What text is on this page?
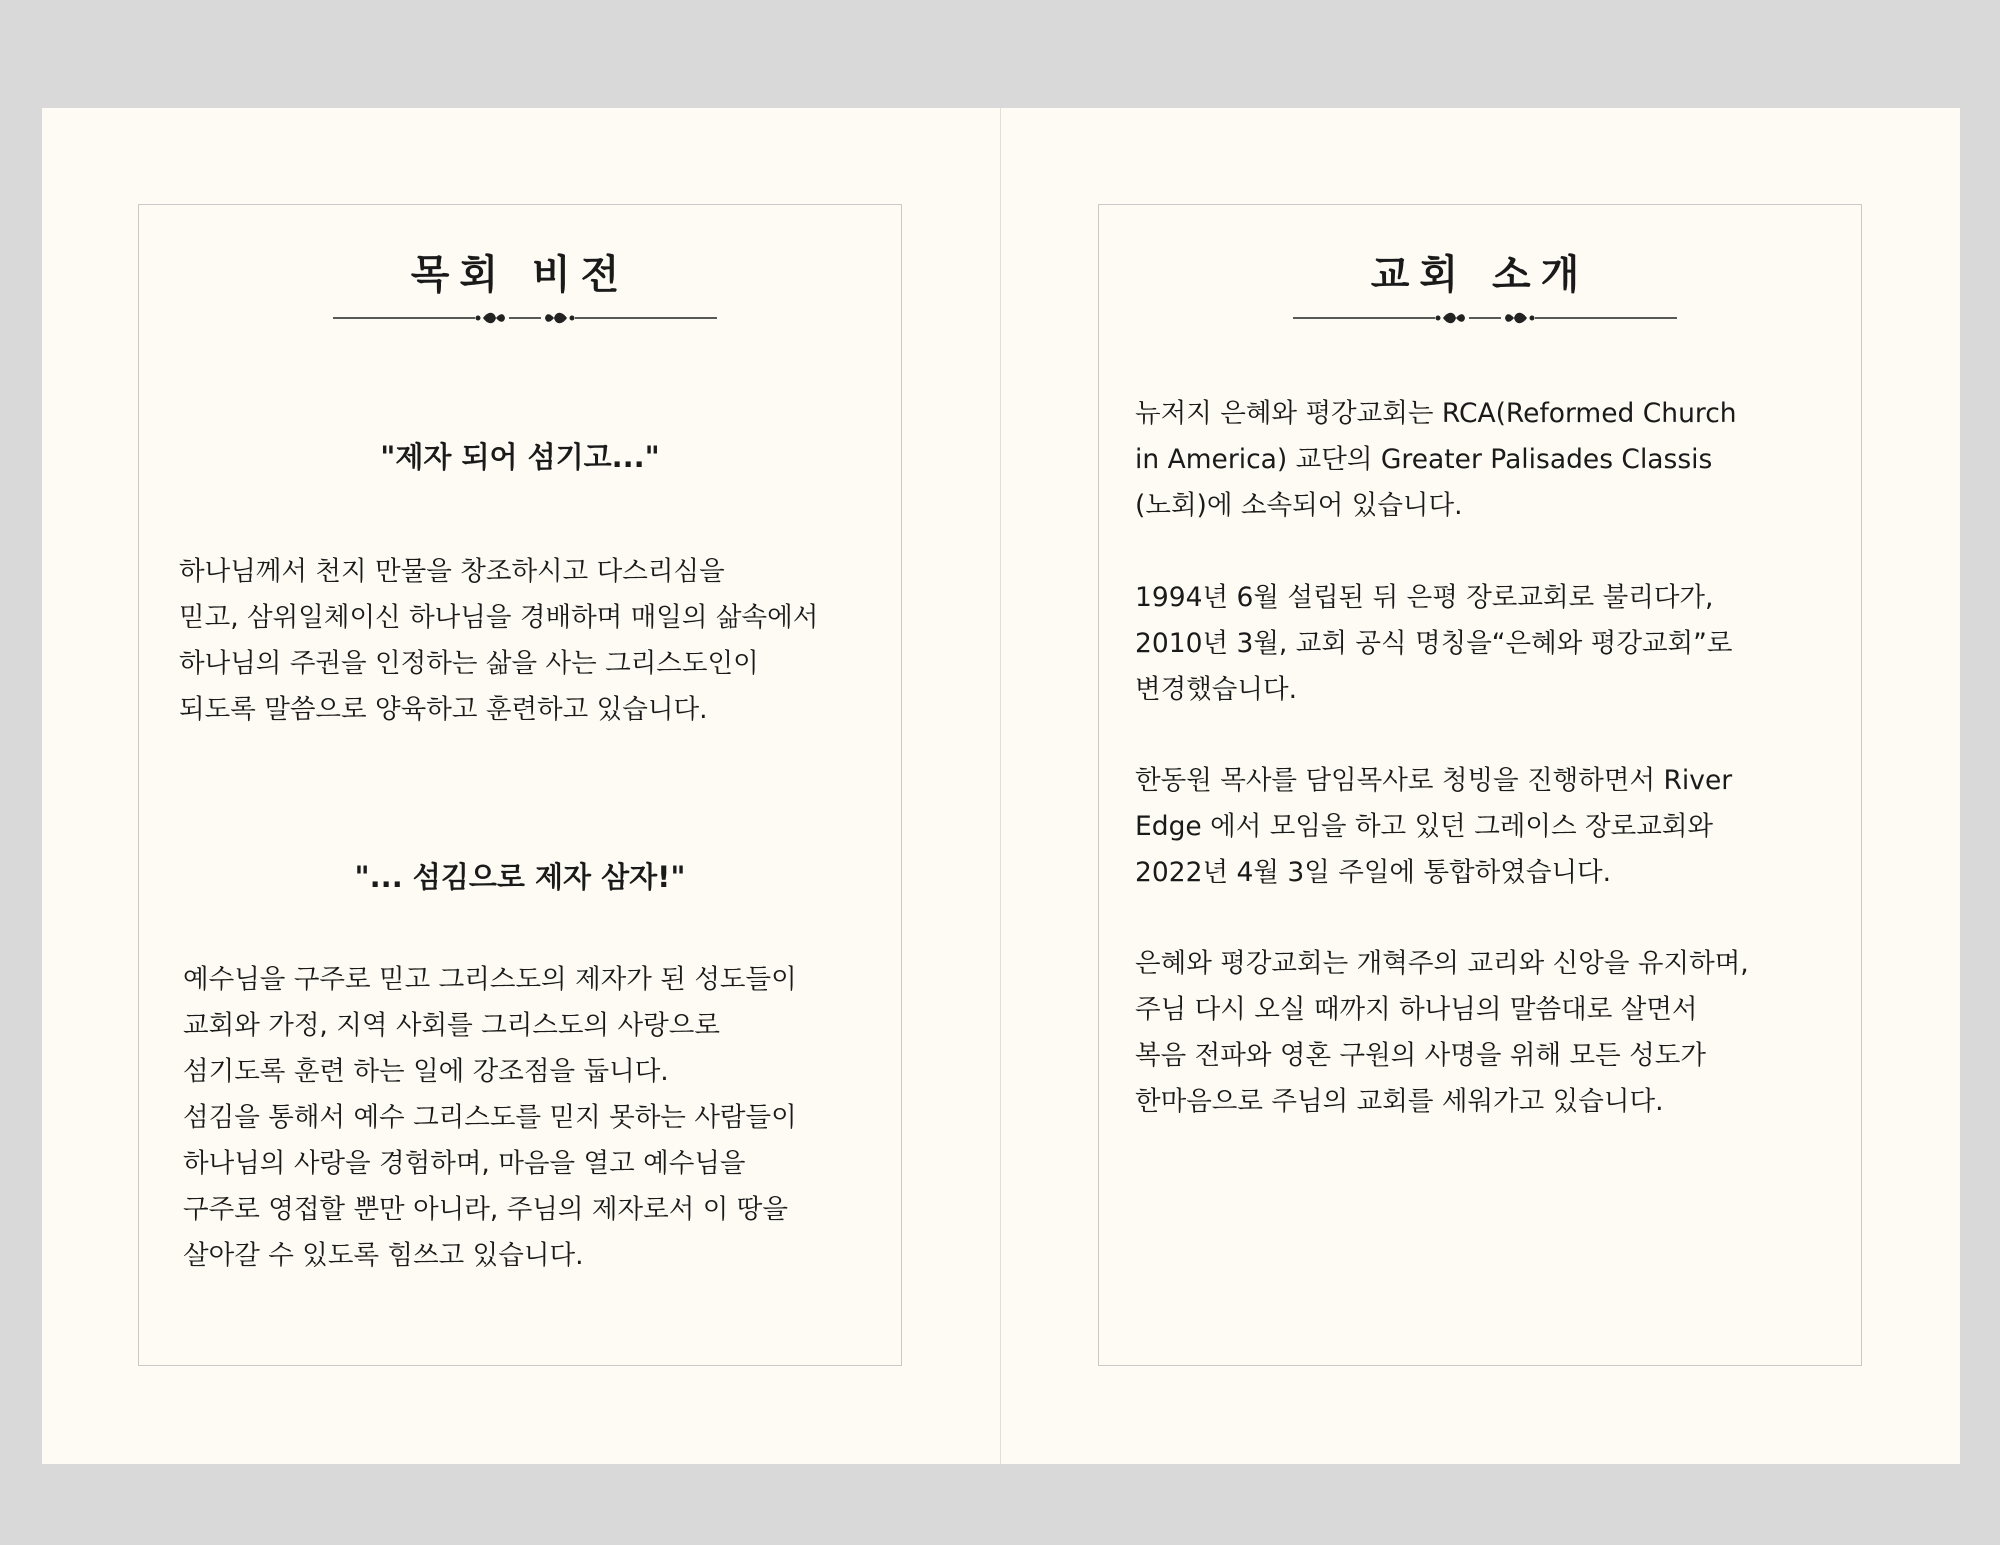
목회 비전
"제자 되어 섬기고..."

하나님께서 천지 만물을 창조하시고 다스리심을
믿고, 삼위일체이신 하나님을 경배하며 매일의 삶속에서
하나님의 주권을 인정하는 삶을 사는 그리스도인이
되도록 말씀으로 양육하고 훈련하고 있습니다.

"... 섬김으로 제자 삼자!"

예수님을 구주로 믿고 그리스도의 제자가 된 성도들이
교회와 가정, 지역 사회를 그리스도의 사랑으로
섬기도록 훈련 하는 일에 강조점을 둡니다.
섬김을 통해서 예수 그리스도를 믿지 못하는 사람들이
하나님의 사랑을 경험하며, 마음을 열고 예수님을
구주로 영접할 뿐만 아니라, 주님의 제자로서 이 땅을
살아갈 수 있도록 힘쓰고 있습니다.

교회 소개

뉴저지 은혜와 평강교회는 RCA(Reformed Church
in America) 교단의 Greater Palisades Classis
(노회)에 소속되어 있습니다.

1994년 6월 설립된 뒤 은평 장로교회로 불리다가,
2010년 3월, 교회 공식 명칭을“은혜와 평강교회”로
변경했습니다.

한동원 목사를 담임목사로 청빙을 진행하면서 River
Edge 에서 모임을 하고 있던 그레이스 장로교회와
2022년 4월 3일 주일에 통합하였습니다.

은혜와 평강교회는 개혁주의 교리와 신앙을 유지하며,
주님 다시 오실 때까지 하나님의 말씀대로 살면서
복음 전파와 영혼 구원의 사명을 위해 모든 성도가
한마음으로 주님의 교회를 세워가고 있습니다.
